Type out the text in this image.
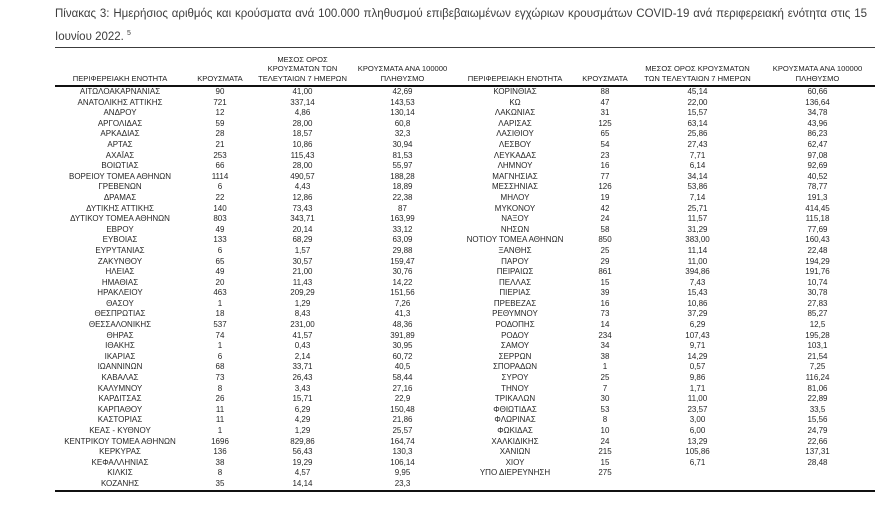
Πίνακας 3: Ημερήσιος αριθμός και κρούσματα ανά 100.000 πληθυσμού επιβεβαιωμένων εγχώριων κρουσμάτων COVID-19 ανά περιφερειακή ενότητα στις 15 Ιουνίου 2022. $^5$
ΠΕΡΙΦΕΡΕΙΑΚΗ ΕΝΟΤΗΤΑ	ΚΡΟΥΣΜΑΤΑ	ΜΕΣΟΣ ΟΡΟΣ ΚΡΟΥΣΜΑΤΩΝ ΤΩΝ ΤΕΛΕΥΤΑΙΩΝ 7 ΗΜΕΡΩΝ	ΚΡΟΥΣΜΑΤΑ ΑΝΑ 100000 ΠΛΗΘΥΣΜΟ	ΠΕΡΙΦΕΡΕΙΑΚΗ ΕΝΟΤΗΤΑ	ΚΡΟΥΣΜΑΤΑ	ΜΕΣΟΣ ΟΡΟΣ ΚΡΟΥΣΜΑΤΩΝ ΤΩΝ ΤΕΛΕΥΤΑΙΩΝ 7 ΗΜΕΡΩΝ	ΚΡΟΥΣΜΑΤΑ ΑΝΑ 100000 ΠΛΗΘΥΣΜΟ
ΑΙΤΩΛΟΑΚΑΡΝΑΝΙΑΣ	90	41,00	42,69	ΚΟΡΙΝΘΙΑΣ	88	45,14	60,66
ΑΝΑΤΟΛΙΚΗΣ ΑΤΤΙΚΗΣ	721	337,14	143,53	ΚΩ	47	22,00	136,64
ΑΝΔΡΟΥ	12	4,86	130,14	ΛΑΚΩΝΙΑΣ	31	15,57	34,78
ΑΡΓΟΛΙΔΑΣ	59	28,00	60,8	ΛΑΡΙΣΑΣ	125	63,14	43,96
ΑΡΚΑΔΙΑΣ	28	18,57	32,3	ΛΑΣΙΘΙΟΥ	65	25,86	86,23
ΑΡΤΑΣ	21	10,86	30,94	ΛΕΣΒΟΥ	54	27,43	62,47
ΑΧΑΪΑΣ	253	115,43	81,53	ΛΕΥΚΑΔΑΣ	23	7,71	97,08
ΒΟΙΩΤΙΑΣ	66	28,00	55,97	ΛΗΜΝΟΥ	16	6,14	92,69
ΒΟΡΕΙΟΥ ΤΟΜΕΑ ΑΘΗΝΩΝ	1114	490,57	188,28	ΜΑΓΝΗΣΙΑΣ	77	34,14	40,52
ΓΡΕΒΕΝΩΝ	6	4,43	18,89	ΜΕΣΣΗΝΙΑΣ	126	53,86	78,77
ΔΡΑΜΑΣ	22	12,86	22,38	ΜΗΛΟΥ	19	7,14	191,3
ΔΥΤΙΚΗΣ ΑΤΤΙΚΗΣ	140	73,43	87	ΜΥΚΟΝΟΥ	42	25,71	414,45
ΔΥΤΙΚΟΥ ΤΟΜΕΑ ΑΘΗΝΩΝ	803	343,71	163,99	ΝΑΞΟΥ	24	11,57	115,18
ΕΒΡΟΥ	49	20,14	33,12	ΝΗΣΩΝ	58	31,29	77,69
ΕΥΒΟΙΑΣ	133	68,29	63,09	ΝΟΤΙΟΥ ΤΟΜΕΑ ΑΘΗΝΩΝ	850	383,00	160,43
ΕΥΡΥΤΑΝΙΑΣ	6	1,57	29,88	ΞΑΝΘΗΣ	25	11,14	22,48
ΖΑΚΥΝΘΟΥ	65	30,57	159,47	ΠΑΡΟΥ	29	11,00	194,29
ΗΛΕΙΑΣ	49	21,00	30,76	ΠΕΙΡΑΙΩΣ	861	394,86	191,76
ΗΜΑΘΙΑΣ	20	11,43	14,22	ΠΕΛΛΑΣ	15	7,43	10,74
ΗΡΑΚΛΕΙΟΥ	463	209,29	151,56	ΠΙΕΡΙΑΣ	39	15,43	30,78
ΘΑΣΟΥ	1	1,29	7,26	ΠΡΕΒΕΖΑΣ	16	10,86	27,83
ΘΕΣΠΡΩΤΙΑΣ	18	8,43	41,3	ΡΕΘΥΜΝΟΥ	73	37,29	85,27
ΘΕΣΣΑΛΟΝΙΚΗΣ	537	231,00	48,36	ΡΟΔΟΠΗΣ	14	6,29	12,5
ΘΗΡΑΣ	74	41,57	391,89	ΡΟΔΟΥ	234	107,43	195,28
ΙΘΑΚΗΣ	1	0,43	30,95	ΣΑΜΟΥ	34	9,71	103,1
ΙΚΑΡΙΑΣ	6	2,14	60,72	ΣΕΡΡΩΝ	38	14,29	21,54
ΙΩΑΝΝΙΝΩΝ	68	33,71	40,5	ΣΠΟΡΑΔΩΝ	1	0,57	7,25
ΚΑΒΑΛΑΣ	73	26,43	58,44	ΣΥΡΟΥ	25	9,86	116,24
ΚΑΛΥΜΝΟΥ	8	3,43	27,16	ΤΗΝΟΥ	7	1,71	81,06
ΚΑΡΔΙΤΣΑΣ	26	15,71	22,9	ΤΡΙΚΑΛΩΝ	30	11,00	22,89
ΚΑΡΠΑΘΟΥ	11	6,29	150,48	ΦΘΙΩΤΙΔΑΣ	53	23,57	33,5
ΚΑΣΤΟΡΙΑΣ	11	4,29	21,86	ΦΛΩΡΙΝΑΣ	8	3,00	15,56
ΚΕΑΣ - ΚΥΘΝΟΥ	1	1,29	25,57	ΦΩΚΙΔΑΣ	10	6,00	24,79
ΚΕΝΤΡΙΚΟΥ ΤΟΜΕΑ ΑΘΗΝΩΝ	1696	829,86	164,74	ΧΑΛΚΙΔΙΚΗΣ	24	13,29	22,66
ΚΕΡΚΥΡΑΣ	136	56,43	130,3	ΧΑΝΙΩΝ	215	105,86	137,31
ΚΕΦΑΛΛΗΝΙΑΣ	38	19,29	106,14	ΧΙΟΥ	15	6,71	28,48
ΚΙΛΚΙΣ	8	4,57	9,95	ΥΠΟ ΔΙΕΡΕΥΝΗΣΗ	275		
ΚΟΖΑΝΗΣ	35	14,14	23,3				
